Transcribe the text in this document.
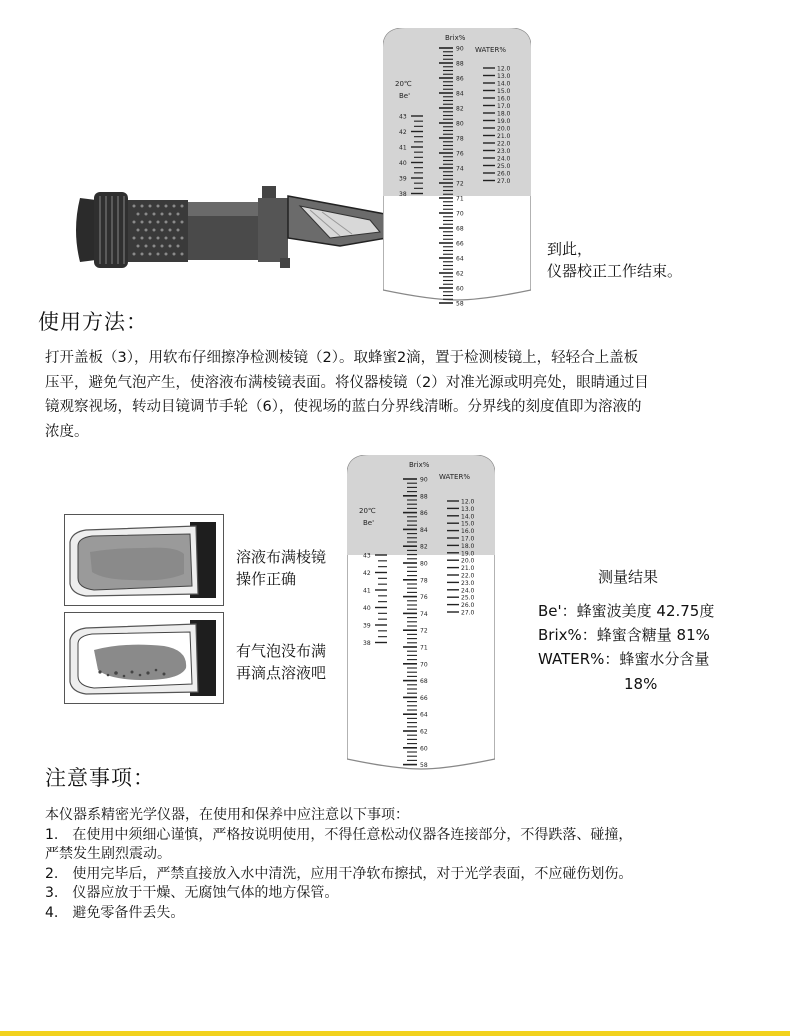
Brix%
WATER%
20℃
Be'
90
88
86
84
82
80
78
76
74
72
71
70
68
66
64
62
60
58
12.0
13.0
14.0
15.0
16.0
17.0
18.0
19.0
20.0
21.0
22.0
23.0
24.0
25.0
26.0
27.0
43
42
41
40
39
38
到此，
仪器校正工作结束。
使用方法：
打开盖板（3），用软布仔细擦净检测棱镜（2）。取蜂蜜2滴，置于检测棱镜上，轻轻合上盖板
压平，避免气泡产生，使溶液布满棱镜表面。将仪器棱镜（2）对准光源或明亮处，眼睛通过目
镜观察视场，转动目镜调节手轮（6），使视场的蓝白分界线清晰。分界线的刻度值即为溶液的
浓度。
溶液布满棱镜
操作正确
有气泡没布满
再滴点溶液吧
Brix%
WATER%
20℃
Be'
90
88
86
84
82
80
78
76
74
72
71
70
68
66
64
62
60
58
12.0
13.0
14.0
15.0
16.0
17.0
18.0
19.0
20.0
21.0
22.0
23.0
24.0
25.0
26.0
27.0
43
42
41
40
39
38
测量结果
Be'：蜂蜜波美度 42.75度
Brix%：蜂蜜含糖量 81%
WATER%：蜂蜜水分含量
18%
注意事项：
本仪器系精密光学仪器，在使用和保养中应注意以下事项：
1.　在使用中须细心谨慎，严格按说明使用，不得任意松动仪器各连接部分，不得跌落、碰撞，
严禁发生剧烈震动。
2.　使用完毕后，严禁直接放入水中清洗，应用干净软布擦拭，对于光学表面，不应碰伤划伤。
3.　仪器应放于干燥、无腐蚀气体的地方保管。
4.　避免零备件丢失。
